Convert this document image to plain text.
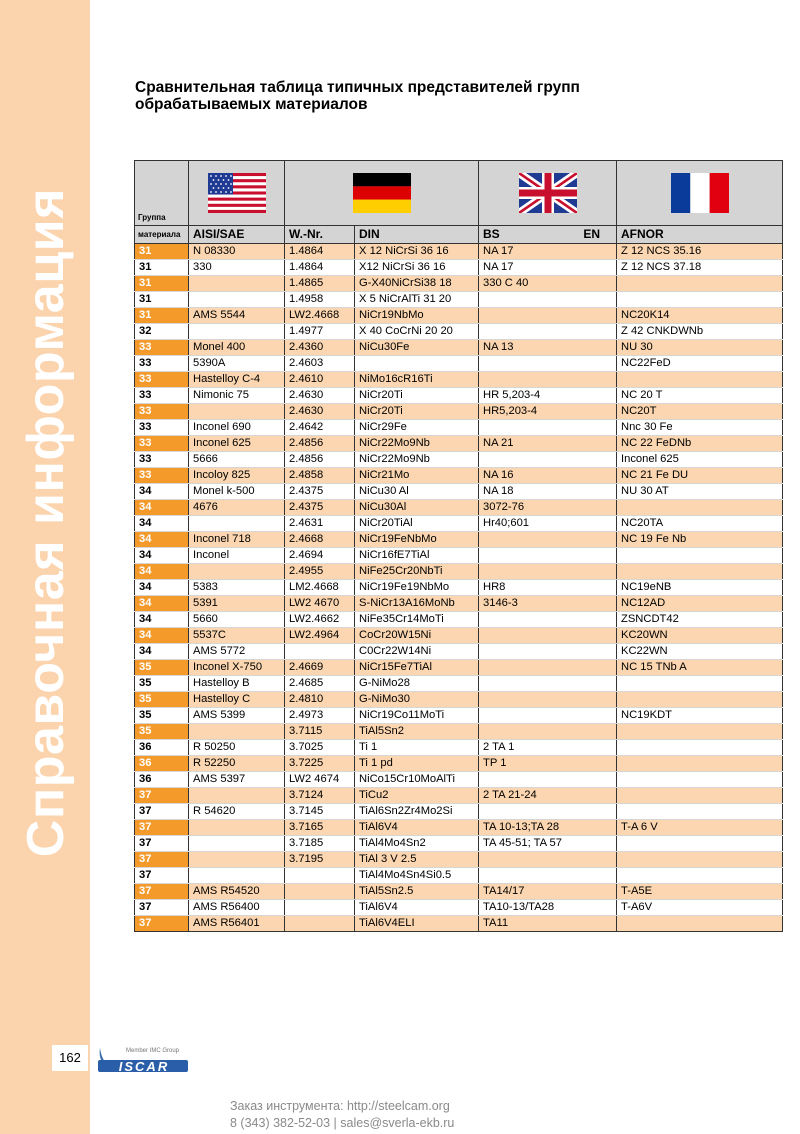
Справочная информация
162	Member IMC Group
ISCAR
Сравнительная таблица типичных представителей групп
обрабатываемых материалов
Группа				
материала	AISI/SAE	W.-Nr.	DIN	BS EN	AFNOR
31	N 08330	1.4864	X 12 NiCrSi 36 16	NA 17	Z 12 NCS 35.16
31	330	1.4864	X12 NiCrSi 36 16	NA 17	Z 12 NCS 37.18
31		1.4865	G-X40NiCrSi38 18	330 C 40	
31		1.4958	X 5 NiCrAlTi 31 20		
31	AMS 5544	LW2.4668	NiCr19NbMo		NC20K14
32		1.4977	X 40 CoCrNi 20 20		Z 42 CNKDWNb
33	Monel 400	2.4360	NiCu30Fe	NA 13	NU 30
33	5390A	2.4603			NC22FeD
33	Hastelloy C-4	2.4610	NiMo16cR16Ti		
33	Nimonic 75	2.4630	NiCr20Ti	HR 5,203-4	NC 20 T
33		2.4630	NiCr20Ti	HR5,203-4	NC20T
33	Inconel 690	2.4642	NiCr29Fe		Nnc 30 Fe
33	Inconel 625	2.4856	NiCr22Mo9Nb	NA 21	NC 22 FeDNb
33	5666	2.4856	NiCr22Mo9Nb		Inconel 625
33	Incoloy 825	2.4858	NiCr21Mo	NA 16	NC 21 Fe DU
34	Monel k-500	2.4375	NiCu30 Al	NA 18	NU 30 AT
34	4676	2.4375	NiCu30Al	3072-76	
34		2.4631	NiCr20TiAl	Hr40;601	NC20TA
34	Inconel 718	2.4668	NiCr19FeNbMo		NC 19 Fe Nb
34	Inconel	2.4694	NiCr16fE7TiAl		
34		2.4955	NiFe25Cr20NbTi		
34	5383	LM2.4668	NiCr19Fe19NbMo	HR8	NC19eNB
34	5391	LW2 4670	S-NiCr13A16MoNb	3146-3	NC12AD
34	5660	LW2.4662	NiFe35Cr14MoTi		ZSNCDT42
34	5537C	LW2.4964	CoCr20W15Ni		KC20WN
34	AMS 5772		C0Cr22W14Ni		KC22WN
35	Inconel X-750	2.4669	NiCr15Fe7TiAl		NC 15 TNb A
35	Hastelloy B	2.4685	G-NiMo28		
35	Hastelloy C	2.4810	G-NiMo30		
35	AMS 5399	2.4973	NiCr19Co11MoTi		NC19KDT
35		3.7115	TiAl5Sn2		
36	R 50250	3.7025	Ti 1	2 TA 1	
36	R 52250	3.7225	Ti 1 pd	TP 1	
36	AMS 5397	LW2 4674	NiCo15Cr10MoAlTi		
37		3.7124	TiCu2	2 TA 21-24	
37	R 54620	3.7145	TiAl6Sn2Zr4Mo2Si		
37		3.7165	TiAl6V4	TA 10-13;TA 28	T-A 6 V
37		3.7185	TiAl4Mo4Sn2	TA 45-51; TA 57	
37		3.7195	TiAl 3 V 2.5		
37			TiAl4Mo4Sn4Si0.5		
37	AMS R54520		TiAl5Sn2.5	TA14/17	T-A5E
37	AMS R56400		TiAl6V4	TA10-13/TA28	T-A6V
37	AMS R56401		TiAl6V4ELI	TA11	
Заказ инструмента: http://steelcam.org
8 (343) 382-52-03 | sales@sverla-ekb.ru
